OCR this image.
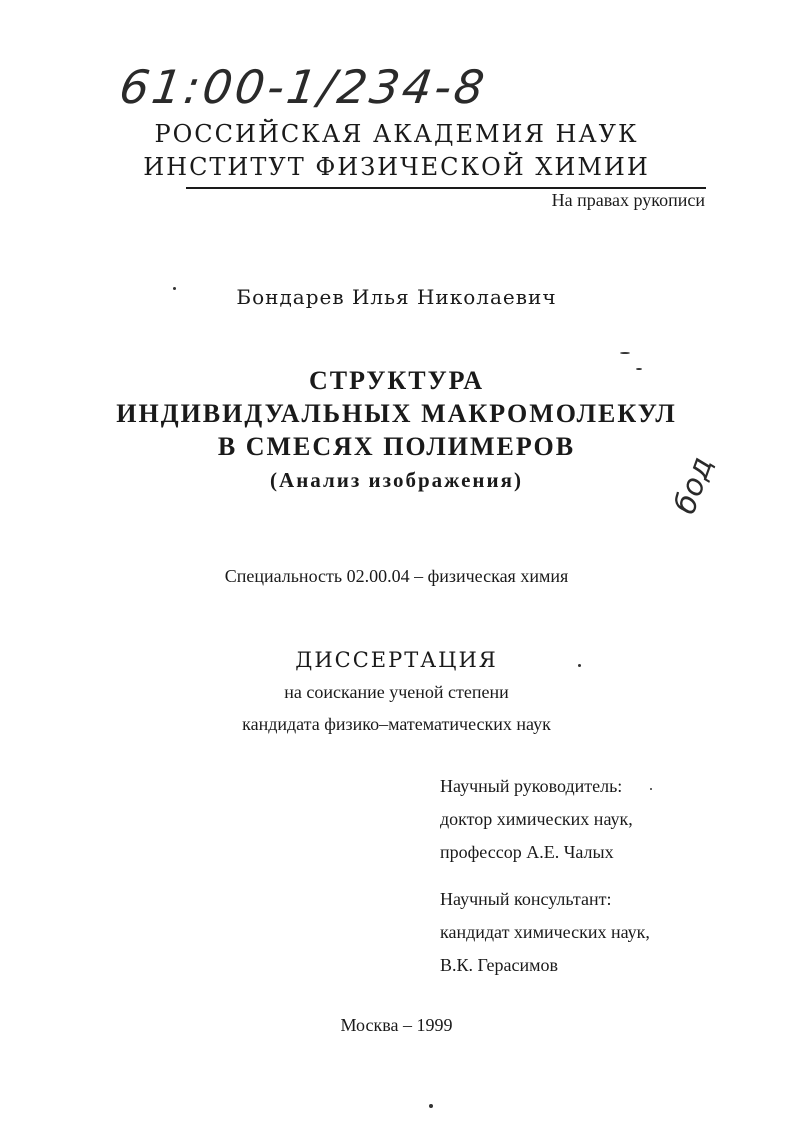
61:00-1/234-8
РОССИЙСКАЯ АКАДЕМИЯ НАУК
ИНСТИТУТ ФИЗИЧЕСКОЙ ХИМИИ
На правах рукописи
Бондарев Илья Николаевич
СТРУКТУРА
ИНДИВИДУАЛЬНЫХ МАКРОМОЛЕКУЛ
В СМЕСЯХ ПОЛИМЕРОВ
(Анализ изображения)	бод
Специальность 02.00.04 – физическая химия
ДИССЕРТАЦИЯ
на соискание ученой степени
кандидата физико–математических наук
Научный руководитель:
доктор химических наук,
профессор А.Е. Чалых
Научный консультант:
кандидат химических наук,
В.К. Герасимов
Москва – 1999
